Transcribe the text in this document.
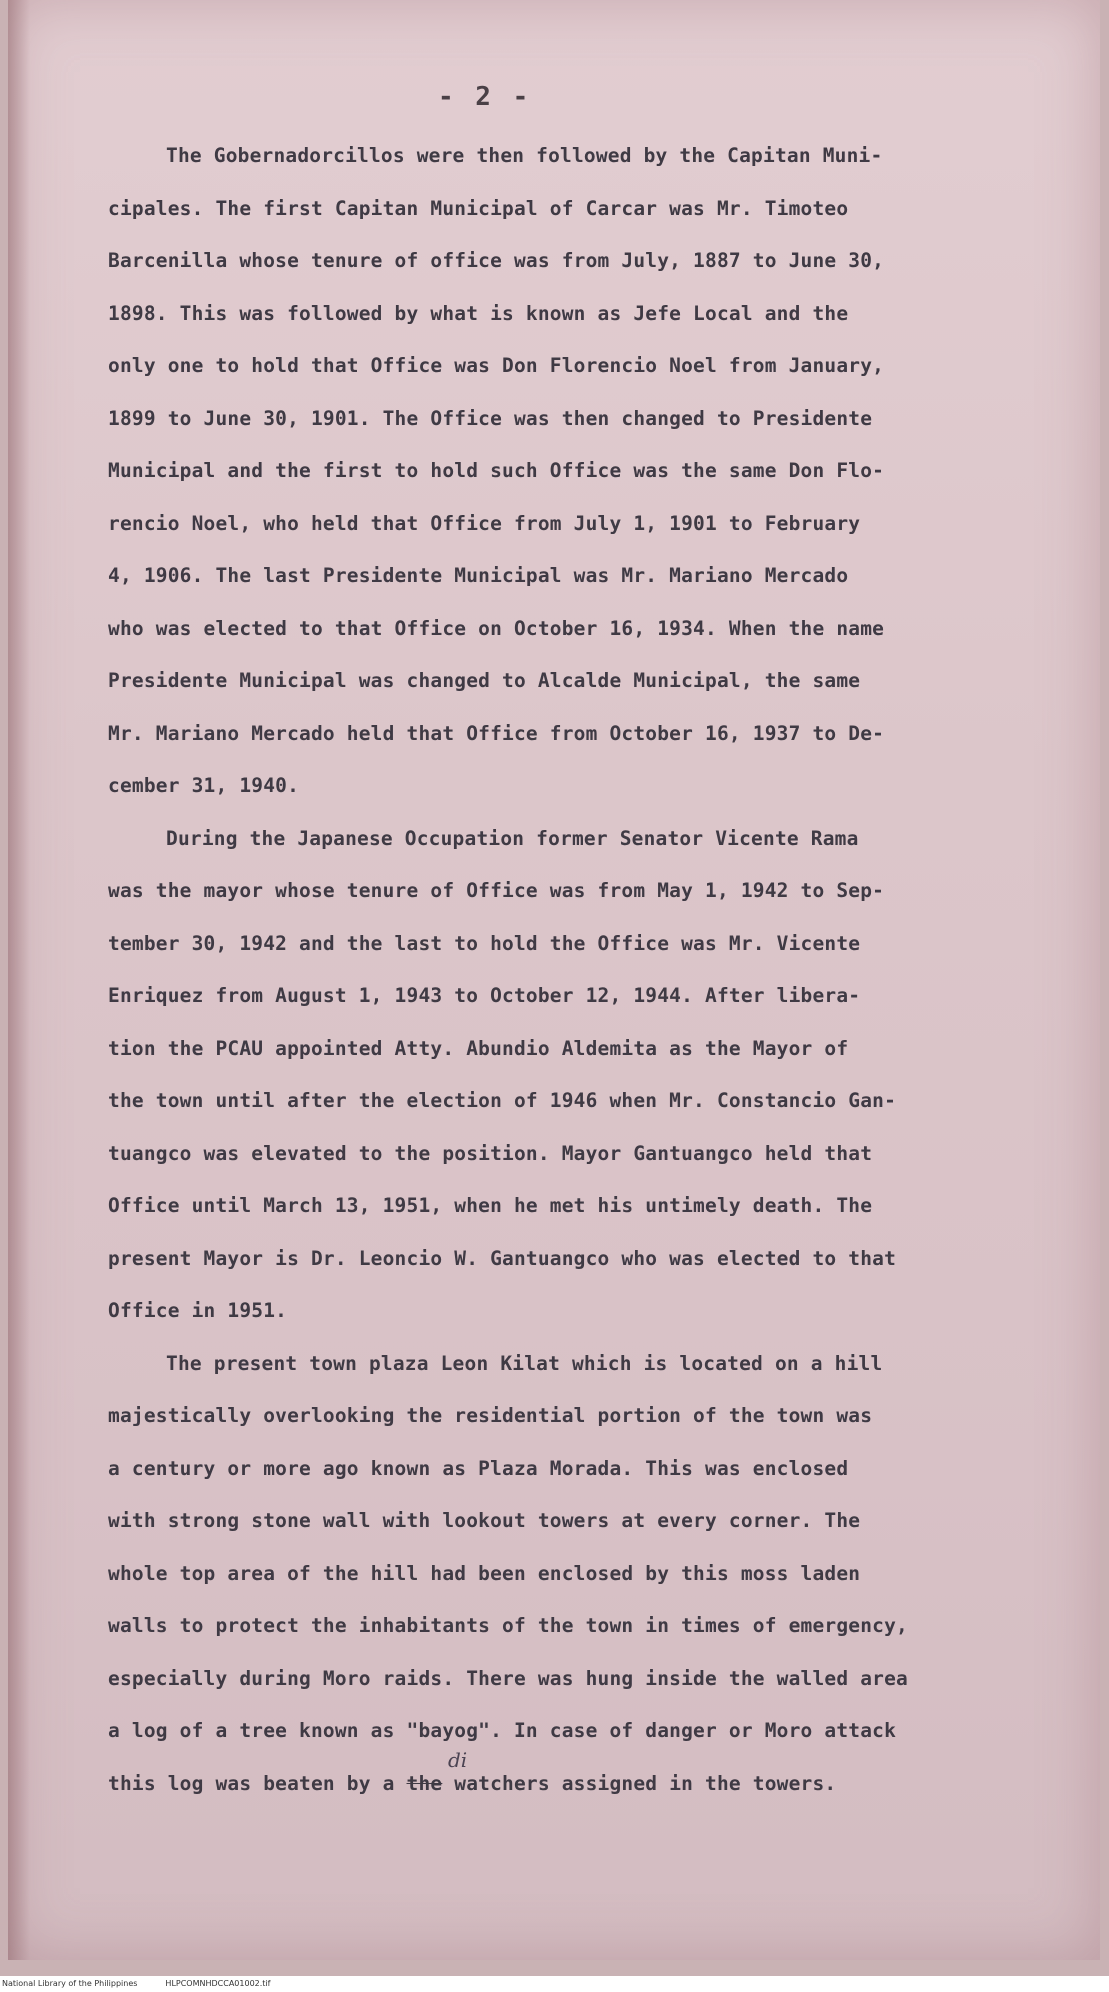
- 2 -

The Gobernadorcillos were then followed by the Capitan Muni-
cipales. The first Capitan Municipal of Carcar was Mr. Timoteo
Barcenilla whose tenure of office was from July, 1887 to June 30,
1898. This was followed by what is known as Jefe Local and the
only one to hold that Office was Don Florencio Noel from January,
1899 to June 30, 1901. The Office was then changed to Presidente
Municipal and the first to hold such Office was the same Don Flo-
rencio Noel, who held that Office from July 1, 1901 to February
4, 1906. The last Presidente Municipal was Mr. Mariano Mercado
who was elected to that Office on October 16, 1934. When the name
Presidente Municipal was changed to Alcalde Municipal, the same
Mr. Mariano Mercado held that Office from October 16, 1937 to De-
cember 31, 1940.

During the Japanese Occupation former Senator Vicente Rama
was the mayor whose tenure of Office was from May 1, 1942 to Sep-
tember 30, 1942 and the last to hold the Office was Mr. Vicente
Enriquez from August 1, 1943 to October 12, 1944. After libera-
tion the PCAU appointed Atty. Abundio Aldemita as the Mayor of
the town until after the election of 1946 when Mr. Constancio Gan-
tuangco was elevated to the position. Mayor Gantuangco held that
Office until March 13, 1951, when he met his untimely death. The
present Mayor is Dr. Leoncio W. Gantuangco who was elected to that
Office in 1951.

The present town plaza Leon Kilat which is located on a hill
majestically overlooking the residential portion of the town was
a century or more ago known as Plaza Morada. This was enclosed
with strong stone wall with lookout towers at every corner. The
whole top area of the hill had been enclosed by this moss laden
walls to protect the inhabitants of the town in times of emergency,
especially during Moro raids. There was hung inside the walled area
a log of a tree known as "bayog". In case of danger or Moro attack
this log was beaten by a the watchers assigned in the towers.

di
National Library of the Philippines	HLPCOMNHDCCA01002.tif
